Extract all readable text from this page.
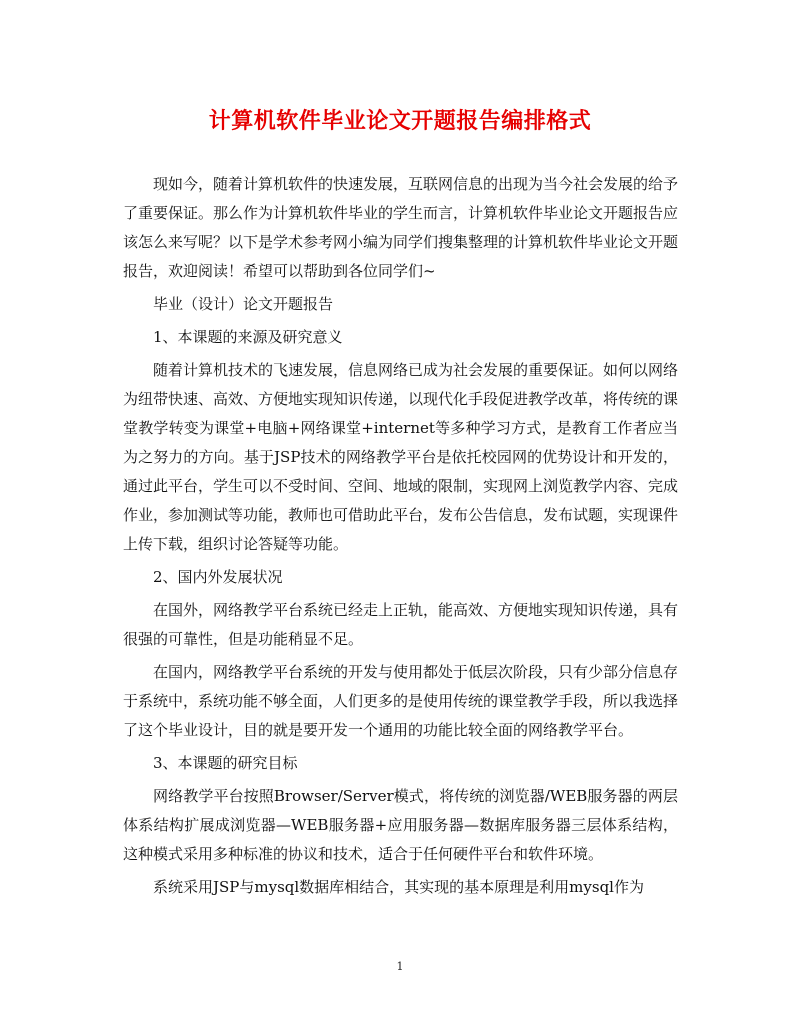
计算机软件毕业论文开题报告编排格式

现如今，随着计算机软件的快速发展，互联网信息的出现为当今社会发展的给予了重要保证。那么作为计算机软件毕业的学生而言，计算机软件毕业论文开题报告应该怎么来写呢？以下是学术参考网小编为同学们搜集整理的计算机软件毕业论文开题报告，欢迎阅读！希望可以帮助到各位同学们~

毕业（设计）论文开题报告

1、本课题的来源及研究意义

随着计算机技术的飞速发展，信息网络已成为社会发展的重要保证。如何以网络为纽带快速、高效、方便地实现知识传递，以现代化手段促进教学改革，将传统的课堂教学转变为课堂+电脑+网络课堂+internet等多种学习方式，是教育工作者应当为之努力的方向。基于JSP技术的网络教学平台是依托校园网的优势设计和开发的，通过此平台，学生可以不受时间、空间、地域的限制，实现网上浏览教学内容、完成作业，参加测试等功能，教师也可借助此平台，发布公告信息，发布试题，实现课件上传下载，组织讨论答疑等功能。

2、国内外发展状况

在国外，网络教学平台系统已经走上正轨，能高效、方便地实现知识传递，具有很强的可靠性，但是功能稍显不足。

在国内，网络教学平台系统的开发与使用都处于低层次阶段，只有少部分信息存于系统中，系统功能不够全面，人们更多的是使用传统的课堂教学手段，所以我选择了这个毕业设计，目的就是要开发一个通用的功能比较全面的网络教学平台。

3、本课题的研究目标

网络教学平台按照Browser/Server模式，将传统的浏览器/WEB服务器的两层体系结构扩展成浏览器—WEB服务器+应用服务器—数据库服务器三层体系结构，这种模式采用多种标准的协议和技术，适合于任何硬件平台和软件环境。

系统采用JSP与mysql数据库相结合，其实现的基本原理是利用mysql作为

1
